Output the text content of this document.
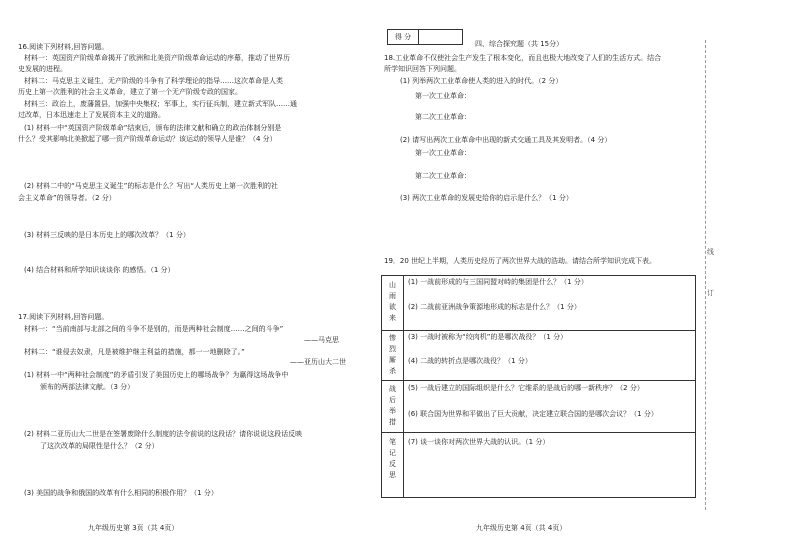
16.阅读下列材料,回答问题。
材料一：英国资产阶级革命揭开了欧洲和北美资产阶级革命运动的序幕，推动了世界历
史发展的进程。
材料二：马克思主义诞生，无产阶级的斗争有了科学理论的指导……这次革命是人类
历史上第一次胜利的社会主义革命，建立了第一个无产阶级专政的国家。
材料三：政治上，废藩置县，加强中央集权；军事上，实行征兵制，建立新式军队……通
过改革，日本迅速走上了发展资本主义的道路。
(1) 材料一中“英国资产阶级革命”结束后，颁布的法律文献和确立的政治体制分别是
什么？受其影响北美掀起了哪一资产阶级革命运动？该运动的领导人是谁？（4 分）
(2) 材料二中的“马克思主义诞生”的标志是什么？写出“人类历史上第一次胜利的社
会主义革命”的领导者。（2 分）
(3) 材料三反映的是日本历史上的哪次改革？（1 分）
(4) 结合材料和所学知识谈谈你 的感悟。（1 分）
17.阅读下列材料,回答问题。
材料一：“当前南部与北部之间的斗争不是别的，而是两种社会制度……之间的斗争”
——马克思
材料二：“谁侵去奴隶，凡是被维护继主利益的措施，都一一地删除了。”
——亚历山大二世
(1) 材料一中“两种社会制度”的矛盾引发了美国历史上的哪场战争？为赢得这场战争中
颁布的两部法律文献。（3 分）
(2) 材料二亚历山大二世是在签署废除什么制度的法令前说的这段话？请你说说这段话反映
了这次改革的局限性是什么？（2 分）
(3) 美国的战争和俄国的改革有什么相同的积极作用？（1 分）
九年级历史第 3页（共 4页）
得 分
四、综合探究题（共 15分）
18.工业革命不仅使社会生产发生了根本变化，而且也极大地改变了人们的生活方式。结合
所学知识回答下列问题。
(1) 列举两次工业革命使人类的进入的时代。（2 分）
第一次工业革命：
第二次工业革命：
(2) 请写出两次工业革命中出现的新式交通工具及其发明者。（4 分）
第一次工业革命：
第二次工业革命：
(3) 两次工业革命的发展史给你的启示是什么？（1 分）
19．20 世纪上半期，人类历史经历了两次世界大战的浩劫。请结合所学知识完成下表。
山
雨
欲
来
(1) 一战前形成的与三国同盟对峙的集团是什么？（1 分）
(2) 二战前亚洲战争策源地形成的标志是什么？（1 分）
惨
烈
厮
杀
(3) 一战时被称为“绞肉机”的是哪次战役？（1 分）
(4) 二战的转折点是哪次战役？（1 分）
战
后
举
措
(5) 一战后建立的国际组织是什么？它维系的是战后的哪一新秩序？（2 分）
(6) 联合国为世界和平做出了巨大贡献，决定建立联合国的是哪次会议？（1 分）
笔
记
反
思
(7) 谈一谈你对两次世界大战的认识。（1 分）
九年级历史第 4页（共 4页）
线
订
